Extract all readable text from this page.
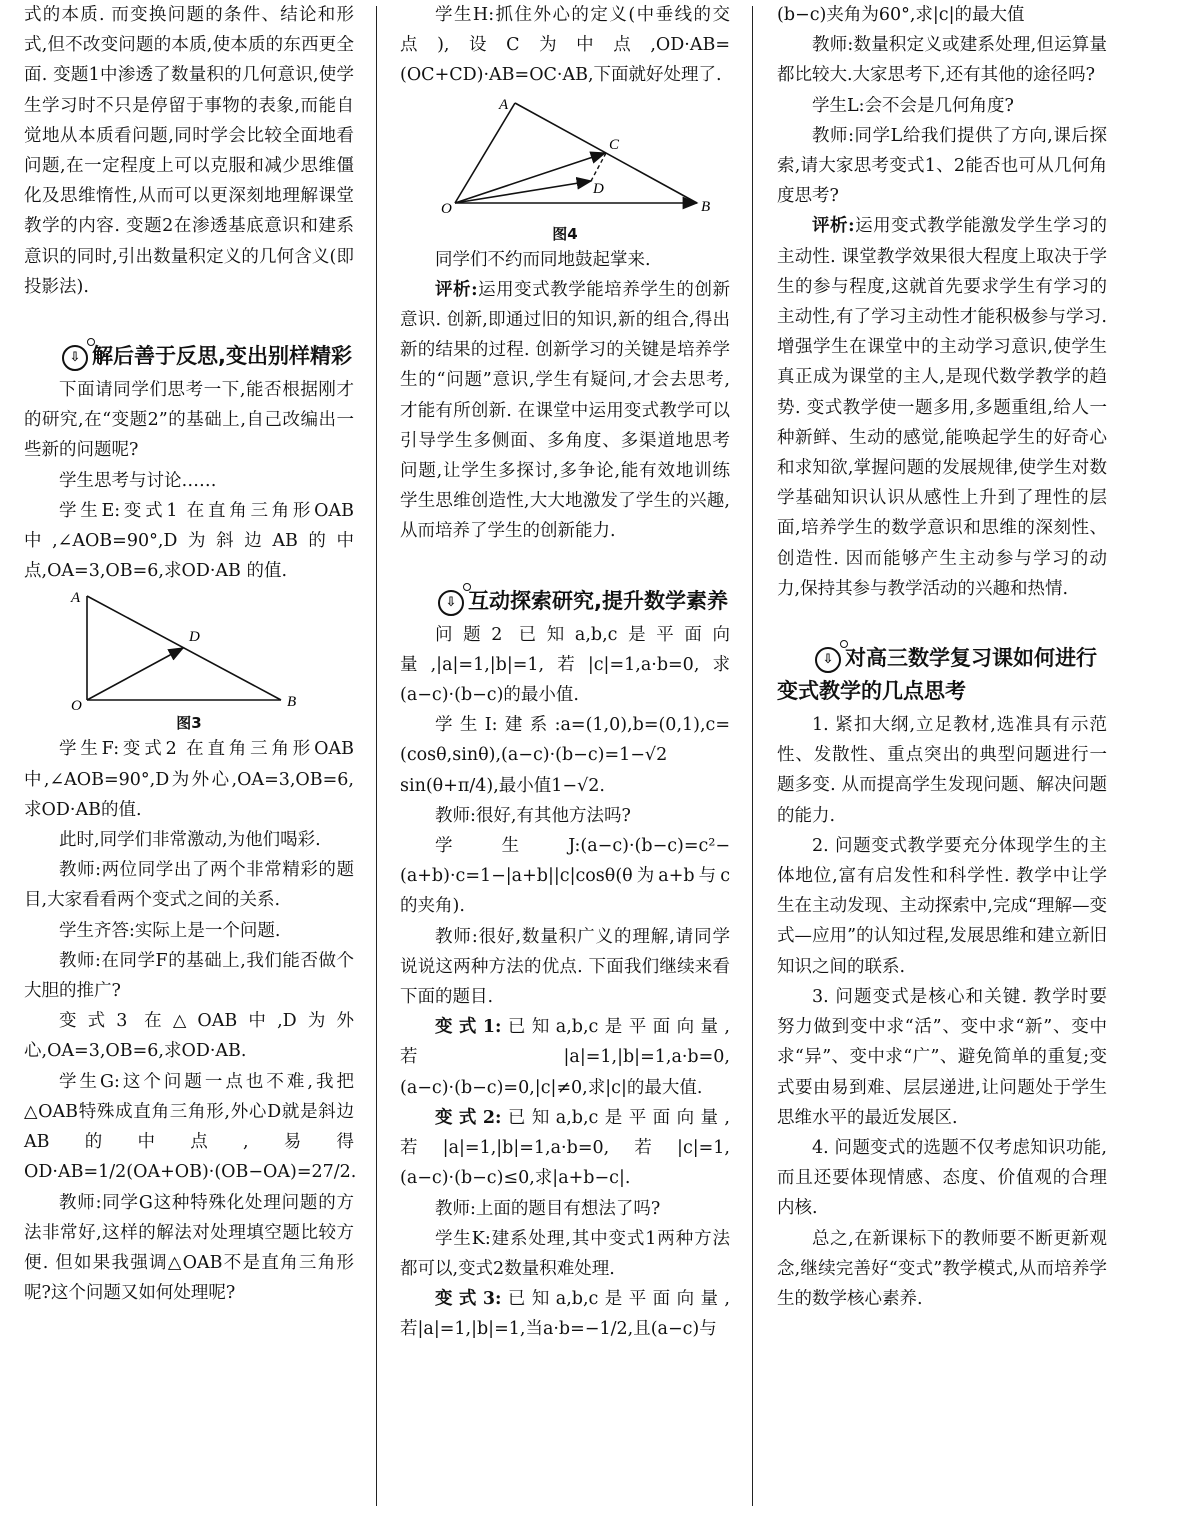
式的本质. 而变换问题的条件、结论和形式,但不改变问题的本质,使本质的东西更全面. 变题1中渗透了数量积的几何意识,使学生学习时不只是停留于事物的表象,而能自觉地从本质看问题,同时学会比较全面地看问题,在一定程度上可以克服和减少思维僵化及思维惰性,从而可以更深刻地理解课堂教学的内容. 变题2在渗透基底意识和建系意识的同时,引出数量积定义的几何含义(即投影法).

⇩ 解后善于反思,变出别样精彩

下面请同学们思考一下,能否根据刚才的研究,在“变题2”的基础上,自己改编出一些新的问题呢?

学生思考与讨论……

学生E:变式1 在直角三角形OAB中,∠AOB=90°,D为斜边AB的中点,OA=3,OB=6,求OD·AB 的值.

A
D
O	B
图3

学生F:变式2 在直角三角形OAB中,∠AOB=90°,D为外心,OA=3,OB=6,求OD·AB的值.

此时,同学们非常激动,为他们喝彩.

教师:两位同学出了两个非常精彩的题目,大家看看两个变式之间的关系.

学生齐答:实际上是一个问题.

教师:在同学F的基础上,我们能否做个大胆的推广?

变式3 在△OAB中,D为外心,OA=3,OB=6,求OD·AB.

学生G:这个问题一点也不难,我把△OAB特殊成直角三角形,外心D就是斜边AB的中点,易得OD·AB=1/2(OA+OB)·(OB−OA)=27/2.

教师:同学G这种特殊化处理问题的方法非常好,这样的解法对处理填空题比较方便. 但如果我强调△OAB不是直角三角形呢?这个问题又如何处理呢?

学生H:抓住外心的定义(中垂线的交点),设C为中点,OD·AB=(OC+CD)·AB=OC·AB,下面就好处理了.

A
C
D
O	B
图4

同学们不约而同地鼓起掌来.

评析:运用变式教学能培养学生的创新意识. 创新,即通过旧的知识,新的组合,得出新的结果的过程. 创新学习的关键是培养学生的“问题”意识,学生有疑问,才会去思考,才能有所创新. 在课堂中运用变式教学可以引导学生多侧面、多角度、多渠道地思考问题,让学生多探讨,多争论,能有效地训练学生思维创造性,大大地激发了学生的兴趣,从而培养了学生的创新能力.

⇩ 互动探索研究,提升数学素养

问题2 已知a,b,c是平面向量,|a|=1,|b|=1,若|c|=1,a·b=0,求(a−c)·(b−c)的最小值.

学生I:建系:a=(1,0),b=(0,1),c=(cosθ,sinθ),(a−c)·(b−c)=1−√2 sin(θ+π/4),最小值1−√2.

教师:很好,有其他方法吗?

学生J:(a−c)·(b−c)=c²−(a+b)·c=1−|a+b||c|cosθ(θ为a+b与c的夹角).

教师:很好,数量积广义的理解,请同学说说这两种方法的优点. 下面我们继续来看下面的题目.

变式1:已知a,b,c是平面向量,若|a|=1,|b|=1,a·b=0,(a−c)·(b−c)=0,|c|≠0,求|c|的最大值.

变式2:已知a,b,c是平面向量,若|a|=1,|b|=1,a·b=0,若|c|=1,(a−c)·(b−c)≤0,求|a+b−c|.

教师:上面的题目有想法了吗?

学生K:建系处理,其中变式1两种方法都可以,变式2数量积难处理.

变式3:已知a,b,c是平面向量,若|a|=1,|b|=1,当a·b=−1/2,且(a−c)与

(b−c)夹角为60°,求|c|的最大值

教师:数量积定义或建系处理,但运算量都比较大.大家思考下,还有其他的途径吗?

学生L:会不会是几何角度?

教师:同学L给我们提供了方向,课后探索,请大家思考变式1、2能否也可从几何角度思考?

评析:运用变式教学能激发学生学习的主动性. 课堂教学效果很大程度上取决于学生的参与程度,这就首先要求学生有学习的主动性,有了学习主动性才能积极参与学习. 增强学生在课堂中的主动学习意识,使学生真正成为课堂的主人,是现代数学教学的趋势. 变式教学使一题多用,多题重组,给人一种新鲜、生动的感觉,能唤起学生的好奇心和求知欲,掌握问题的发展规律,使学生对数学基础知识认识从感性上升到了理性的层面,培养学生的数学意识和思维的深刻性、创造性. 因而能够产生主动参与学习的动力,保持其参与教学活动的兴趣和热情.

⇩ 对高三数学复习课如何进行变式教学的几点思考

1. 紧扣大纲,立足教材,选准具有示范性、发散性、重点突出的典型问题进行一题多变. 从而提高学生发现问题、解决问题的能力.

2. 问题变式教学要充分体现学生的主体地位,富有启发性和科学性. 教学中让学生在主动发现、主动探索中,完成“理解—变式—应用”的认知过程,发展思维和建立新旧知识之间的联系.

3. 问题变式是核心和关键. 教学时要努力做到变中求“活”、变中求“新”、变中求“异”、变中求“广”、避免简单的重复;变式要由易到难、层层递进,让问题处于学生思维水平的最近发展区.

4. 问题变式的选题不仅考虑知识功能,而且还要体现情感、态度、价值观的合理内核.

总之,在新课标下的教师要不断更新观念,继续完善好“变式”教学模式,从而培养学生的数学核心素养.
